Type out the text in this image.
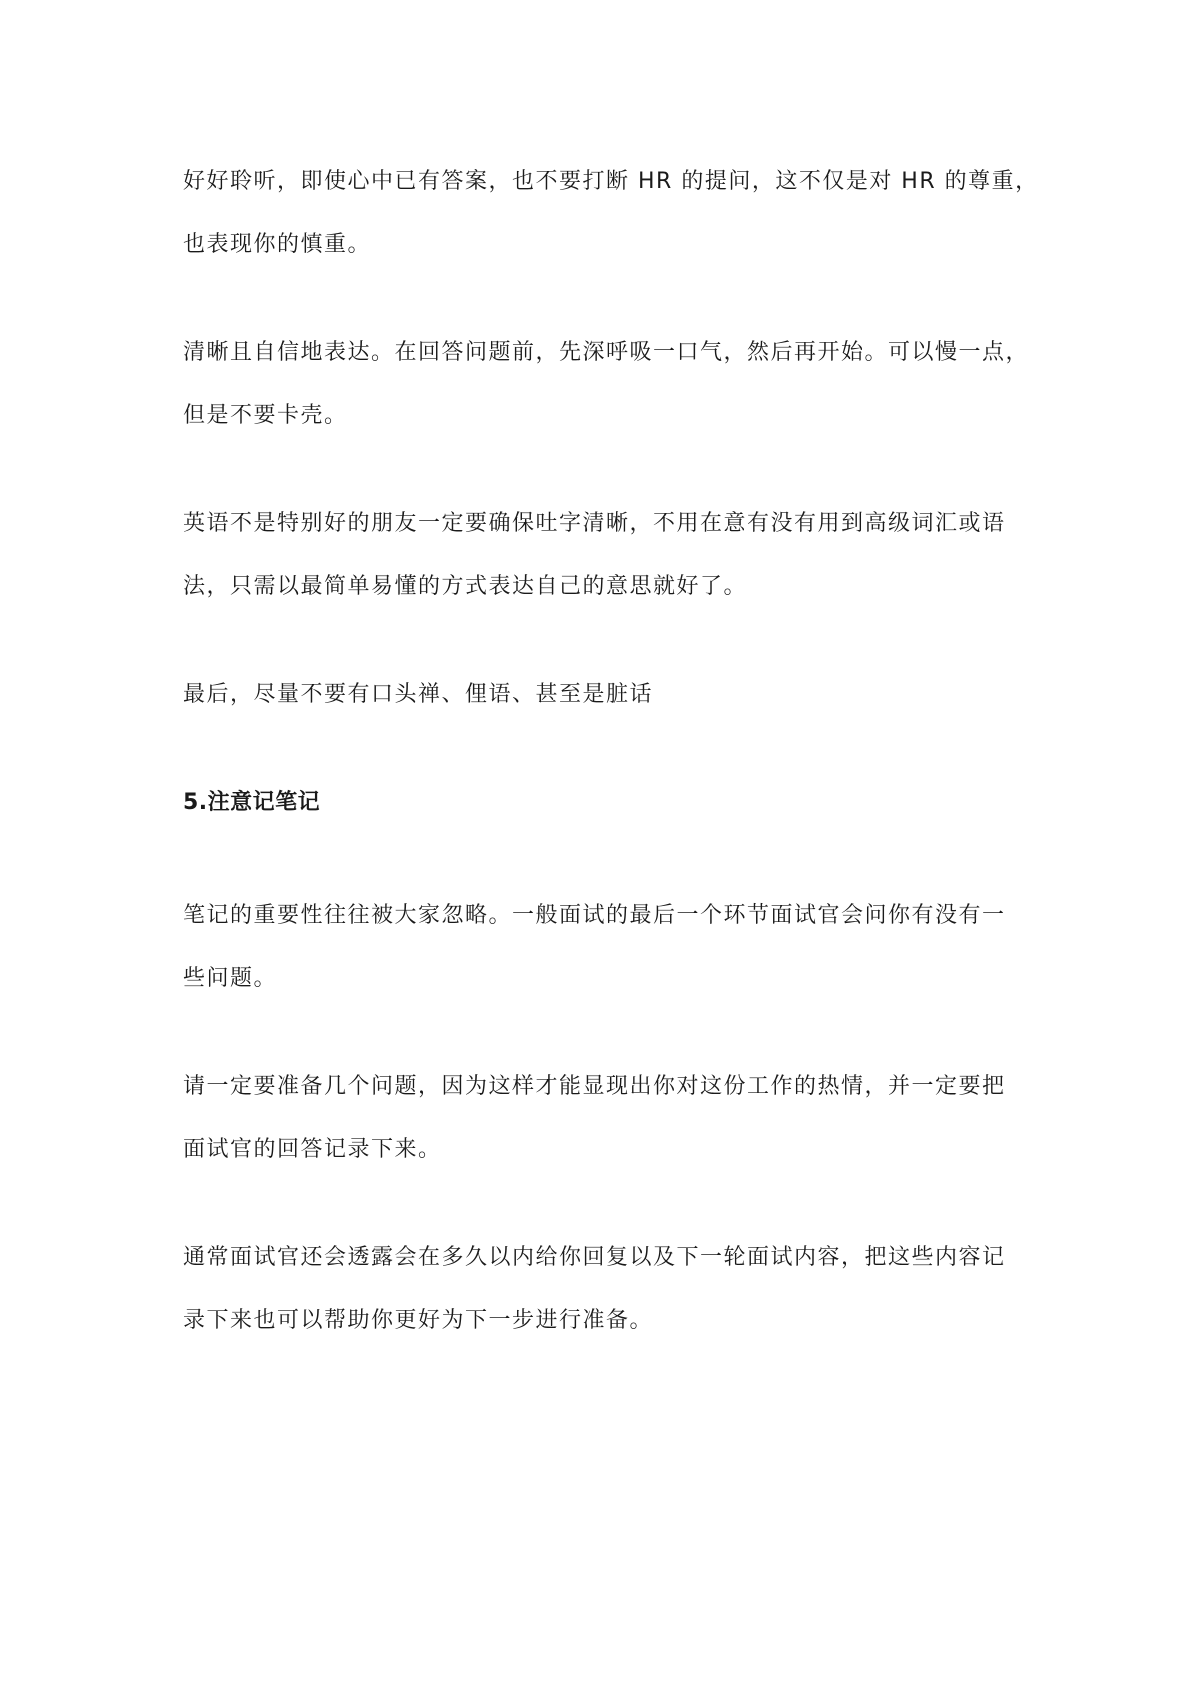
好好聆听，即使心中已有答案，也不要打断 HR 的提问，这不仅是对 HR 的尊重，
也表现你的慎重。

清晰且自信地表达。在回答问题前，先深呼吸一口气，然后再开始。可以慢一点，
但是不要卡壳。

英语不是特别好的朋友一定要确保吐字清晰，不用在意有没有用到高级词汇或语
法，只需以最简单易懂的方式表达自己的意思就好了。

最后，尽量不要有口头禅、俚语、甚至是脏话

5.注意记笔记

笔记的重要性往往被大家忽略。一般面试的最后一个环节面试官会问你有没有一
些问题。

请一定要准备几个问题，因为这样才能显现出你对这份工作的热情，并一定要把
面试官的回答记录下来。

通常面试官还会透露会在多久以内给你回复以及下一轮面试内容，把这些内容记
录下来也可以帮助你更好为下一步进行准备。
